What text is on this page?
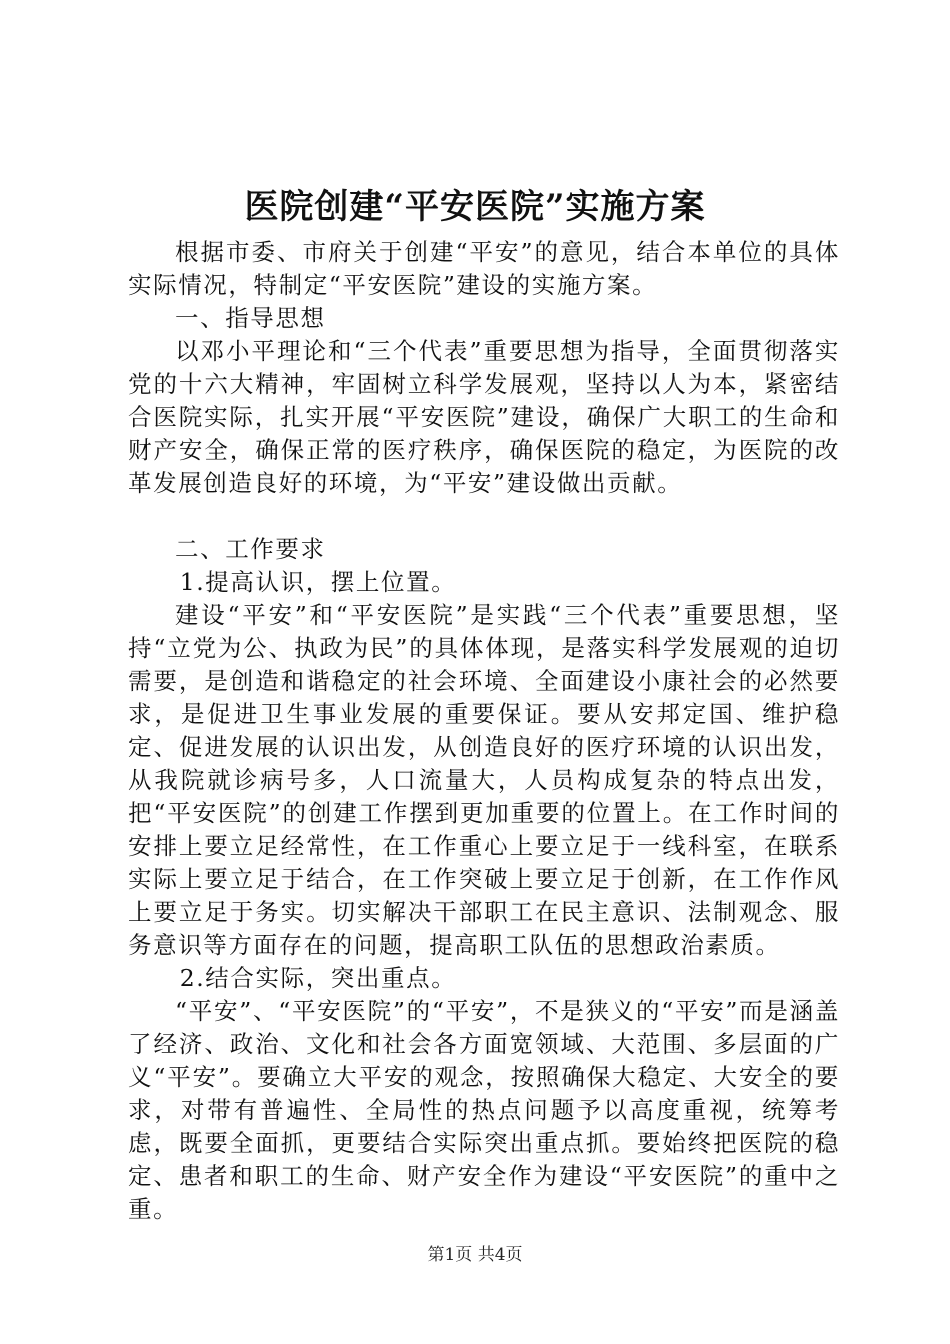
医院创建“平安医院”实施方案

根据市委、市府关于创建“平安”的意见，结合本单位的具体实际情况，特制定“平安医院”建设的实施方案。

一、指导思想

以邓小平理论和“三个代表”重要思想为指导，全面贯彻落实党的十六大精神，牢固树立科学发展观，坚持以人为本，紧密结合医院实际，扎实开展“平安医院”建设，确保广大职工的生命和财产安全，确保正常的医疗秩序，确保医院的稳定，为医院的改革发展创造良好的环境，为“平安”建设做出贡献。

二、工作要求

1.提高认识，摆上位置。

建设“平安”和“平安医院”是实践“三个代表”重要思想，坚持“立党为公、执政为民”的具体体现，是落实科学发展观的迫切需要，是创造和谐稳定的社会环境、全面建设小康社会的必然要求，是促进卫生事业发展的重要保证。要从安邦定国、维护稳定、促进发展的认识出发，从创造良好的医疗环境的认识出发，从我院就诊病号多，人口流量大，人员构成复杂的特点出发，把“平安医院”的创建工作摆到更加重要的位置上。在工作时间的安排上要立足经常性，在工作重心上要立足于一线科室，在联系实际上要立足于结合，在工作突破上要立足于创新，在工作作风上要立足于务实。切实解决干部职工在民主意识、法制观念、服务意识等方面存在的问题，提高职工队伍的思想政治素质。

2.结合实际，突出重点。

“平安”、“平安医院”的“平安”，不是狭义的“平安”而是涵盖了经济、政治、文化和社会各方面宽领域、大范围、多层面的广义“平安”。要确立大平安的观念，按照确保大稳定、大安全的要求，对带有普遍性、全局性的热点问题予以高度重视，统筹考虑，既要全面抓，更要结合实际突出重点抓。要始终把医院的稳定、患者和职工的生命、财产安全作为建设“平安医院”的重中之重。

第1页 共4页
